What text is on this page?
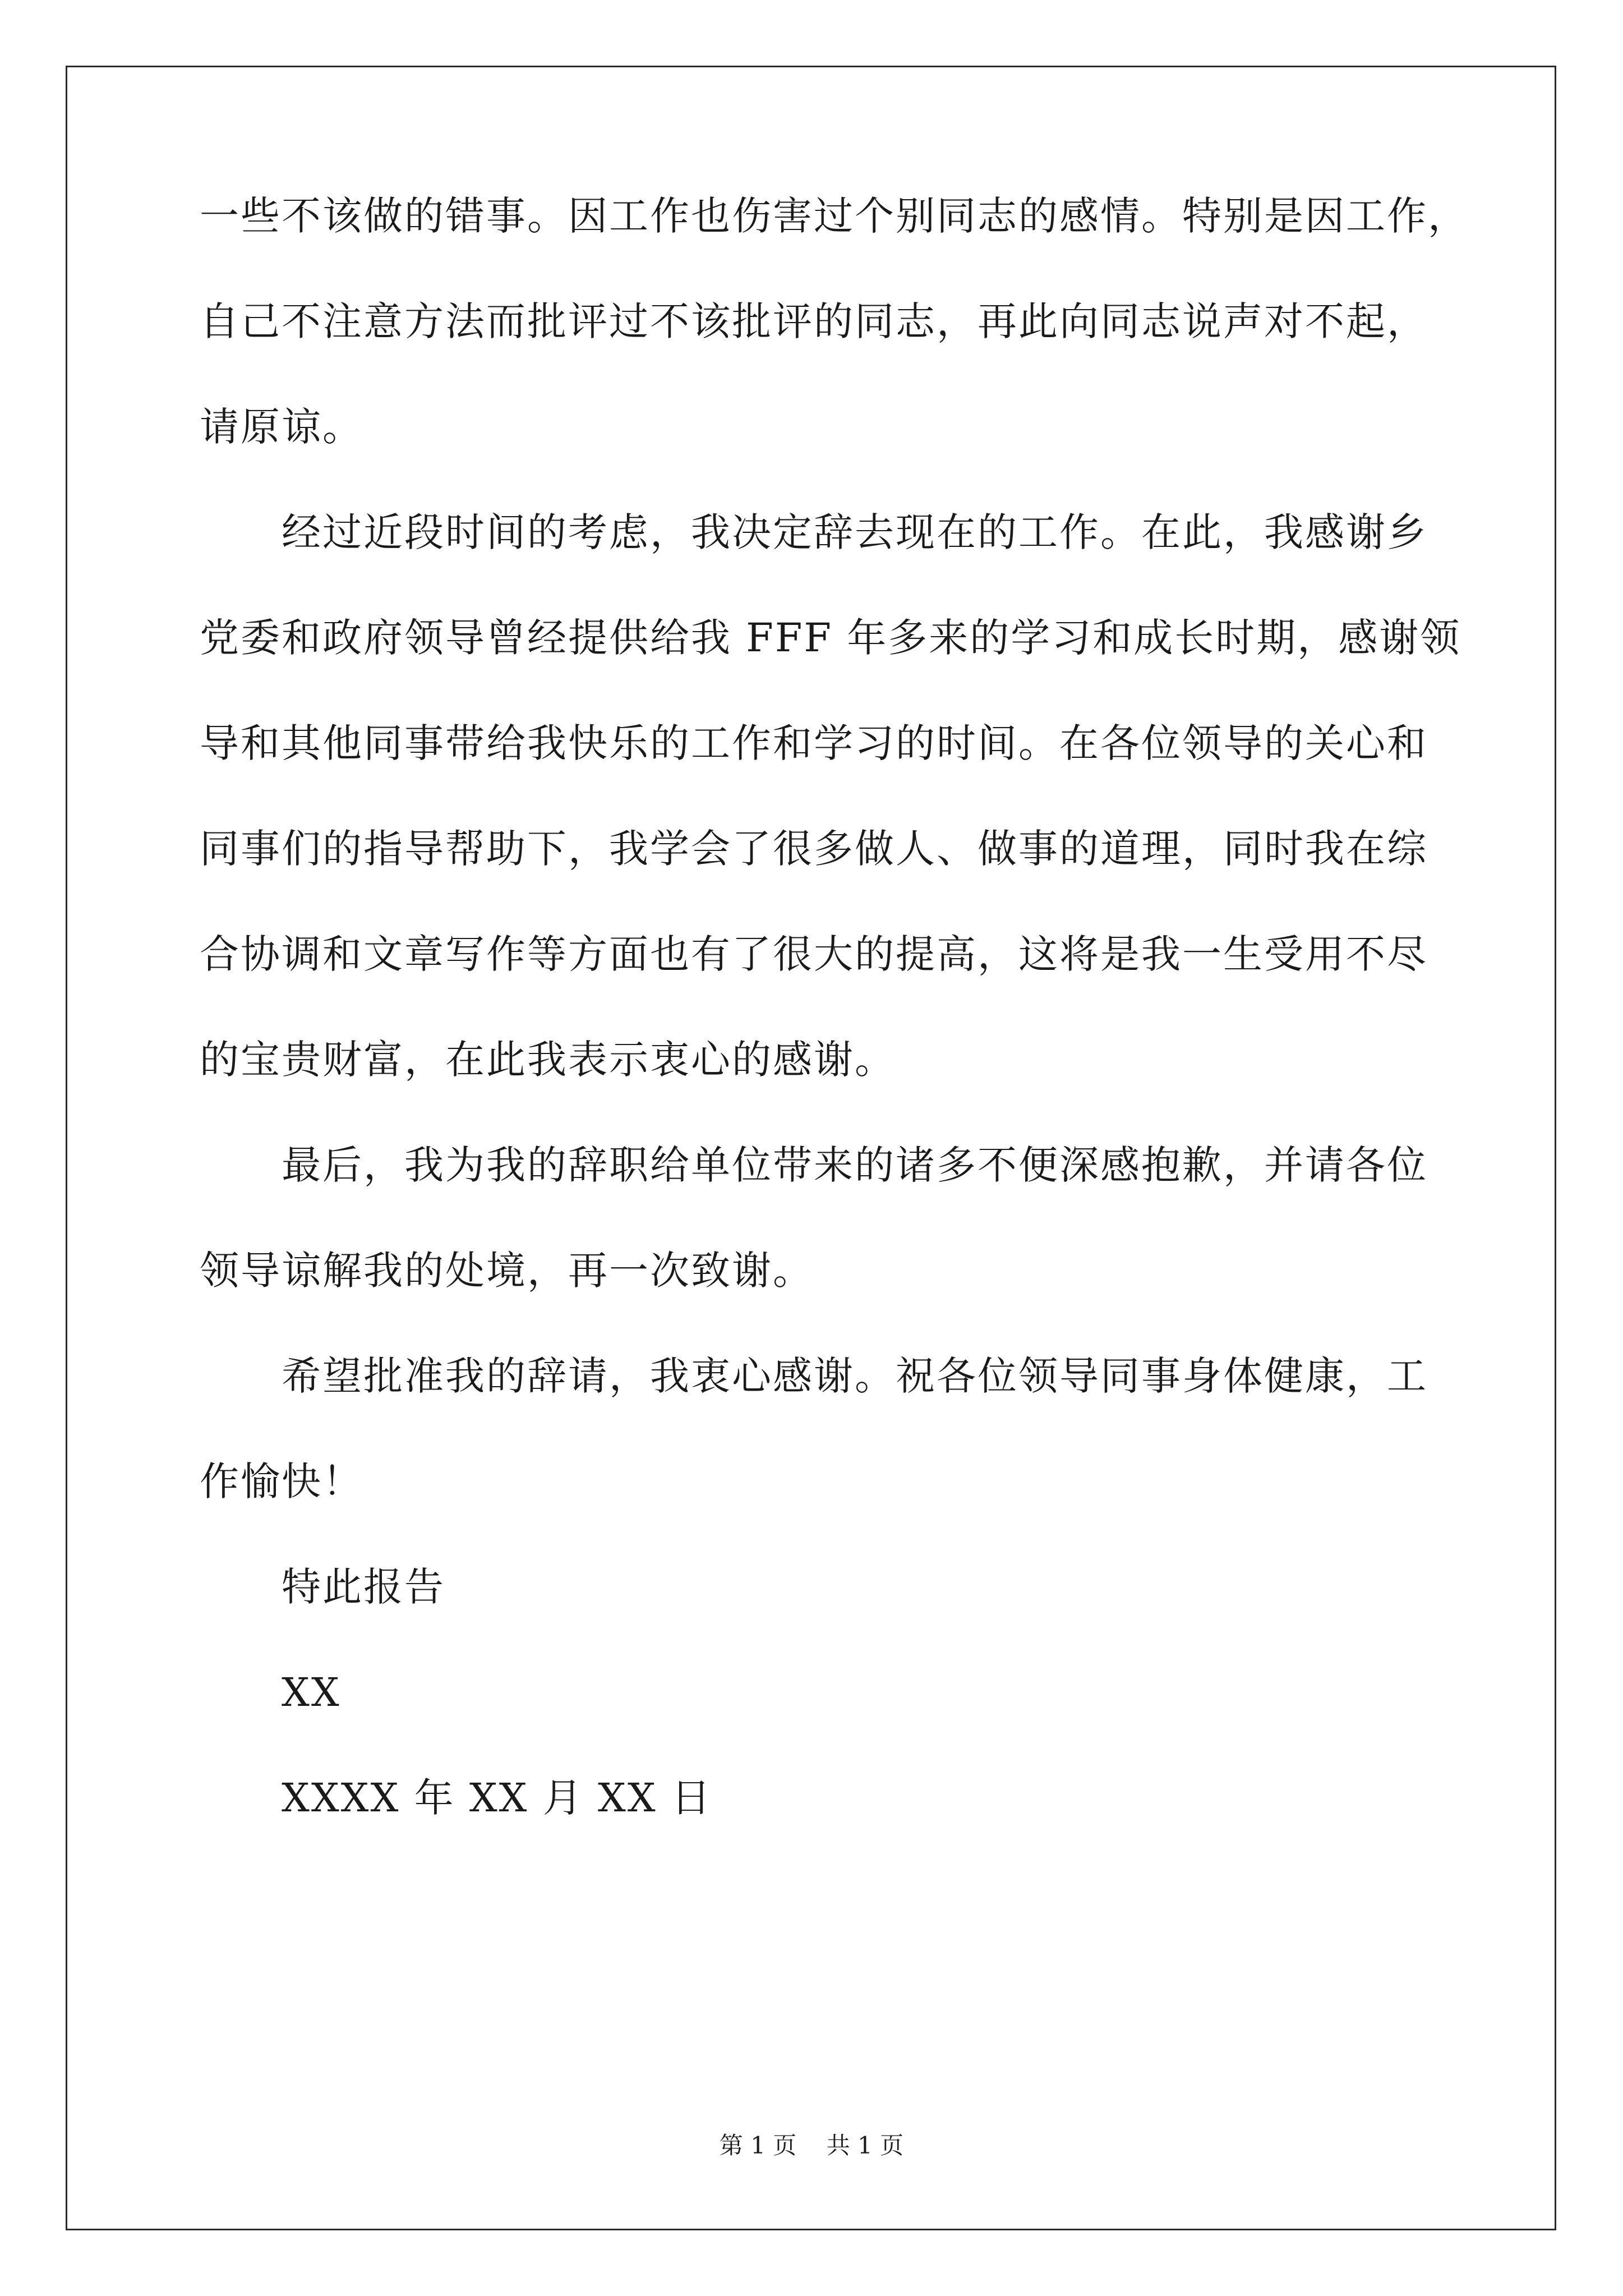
一些不该做的错事。因工作也伤害过个别同志的感情。特别是因工作，
自己不注意方法而批评过不该批评的同志，再此向同志说声对不起，
请原谅。
经过近段时间的考虑，我决定辞去现在的工作。在此，我感谢乡
党委和政府领导曾经提供给我 FFF 年多来的学习和成长时期，感谢领
导和其他同事带给我快乐的工作和学习的时间。在各位领导的关心和
同事们的指导帮助下，我学会了很多做人、做事的道理，同时我在综
合协调和文章写作等方面也有了很大的提高，这将是我一生受用不尽
的宝贵财富，在此我表示衷心的感谢。
最后，我为我的辞职给单位带来的诸多不便深感抱歉，并请各位
领导谅解我的处境，再一次致谢。
希望批准我的辞请，我衷心感谢。祝各位领导同事身体健康，工
作愉快！
特此报告
XX
XXXX 年 XX 月 XX 日
第 1 页    共 1 页
